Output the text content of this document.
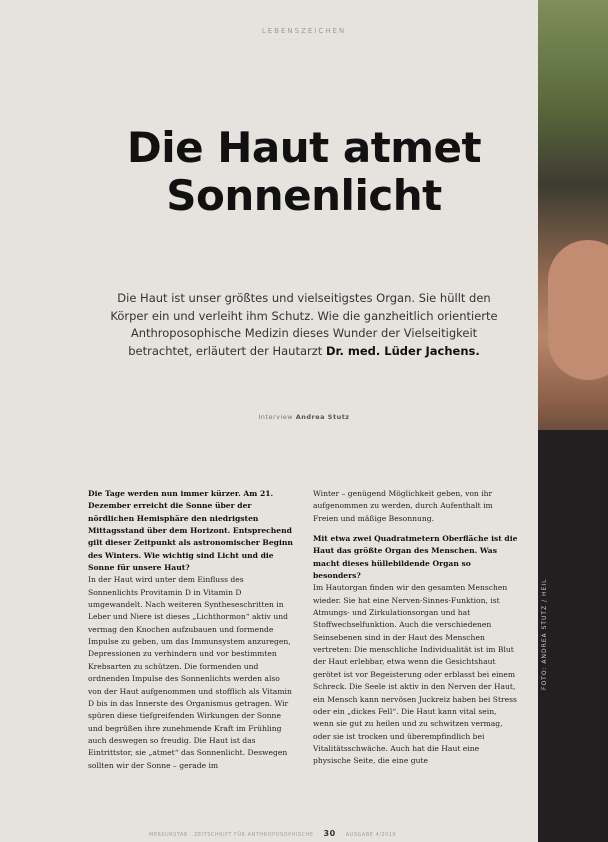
LEBENSZEICHEN
Die Haut atmet
Sonnenlicht
Die Haut ist unser größtes und vielseitigstes Organ. Sie hüllt den Körper ein und verleiht ihm Schutz. Wie die ganzheitlich orientierte Anthroposophische Medizin dieses Wunder der Vielseitigkeit betrachtet, erläutert der Hautarzt Dr. med. Lüder Jachens.
Interview Andrea Stutz

Die Tage werden nun immer kürzer. Am 21. Dezember erreicht die Sonne über der nördlichen Hemisphäre den niedrigsten Mittagsstand über dem Horizont. Entsprechend gilt dieser Zeitpunkt als astronomischer Beginn des Winters. Wie wichtig sind Licht und die Sonne für unsere Haut?

In der Haut wird unter dem Einfluss des Sonnenlichts Provitamin D in Vitamin D umgewandelt. Nach weiteren Syntheseschritten in Leber und Niere ist dieses „Lichthormon“ aktiv und vermag den Knochen aufzubauen und formende Impulse zu geben, um das Immunsystem anzuregen, Depressionen zu verhindern und vor bestimmten Krebsarten zu schützen. Die formenden und ordnenden Impulse des Sonnenlichts werden also von der Haut aufgenommen und stofflich als Vitamin D bis in das Innerste des Organismus getragen. Wir spüren diese tiefgreifenden Wirkungen der Sonne und begrüßen ihre zunehmende Kraft im Frühling auch deswegen so freudig. Die Haut ist das Eintrittstor, sie „atmet“ das Sonnenlicht. Deswegen sollten wir der Sonne – gerade im

Winter – genügend Möglichkeit geben, von ihr aufgenommen zu werden, durch Aufenthalt im Freien und mäßige Besonnung.

Mit etwa zwei Quadratmetern Oberfläche ist die Haut das größte Organ des Menschen. Was macht dieses hüllebildende Organ so besonders?

Im Hautorgan finden wir den gesamten Menschen wieder. Sie hat eine Nerven-Sinnes-Funktion, ist Atmungs- und Zirkulationsorgan und hat Stoffwechselfunktion. Auch die verschiedenen Seinsebenen sind in der Haut des Menschen vertreten: Die menschliche Individualität ist im Blut der Haut erlebbar, etwa wenn die Gesichtshaut gerötet ist vor Begeisterung oder erblasst bei einem Schreck. Die Seele ist aktiv in den Nerven der Haut, ein Mensch kann nervösen Juckreiz haben bei Stress oder ein „dickes Fell“. Die Haut kann vital sein, wenn sie gut zu heilen und zu schwitzen vermag, oder sie ist trocken und überempfindlich bei Vitalitätsschwäche. Auch hat die Haut eine physische Seite, die eine gute

MERKURSTAB · ZEITSCHRIFT FÜR ANTHROPOSOPHISCHE 30 AUSGABE 4/2019
FOTO: ANDREA STUTZ / HEIL
